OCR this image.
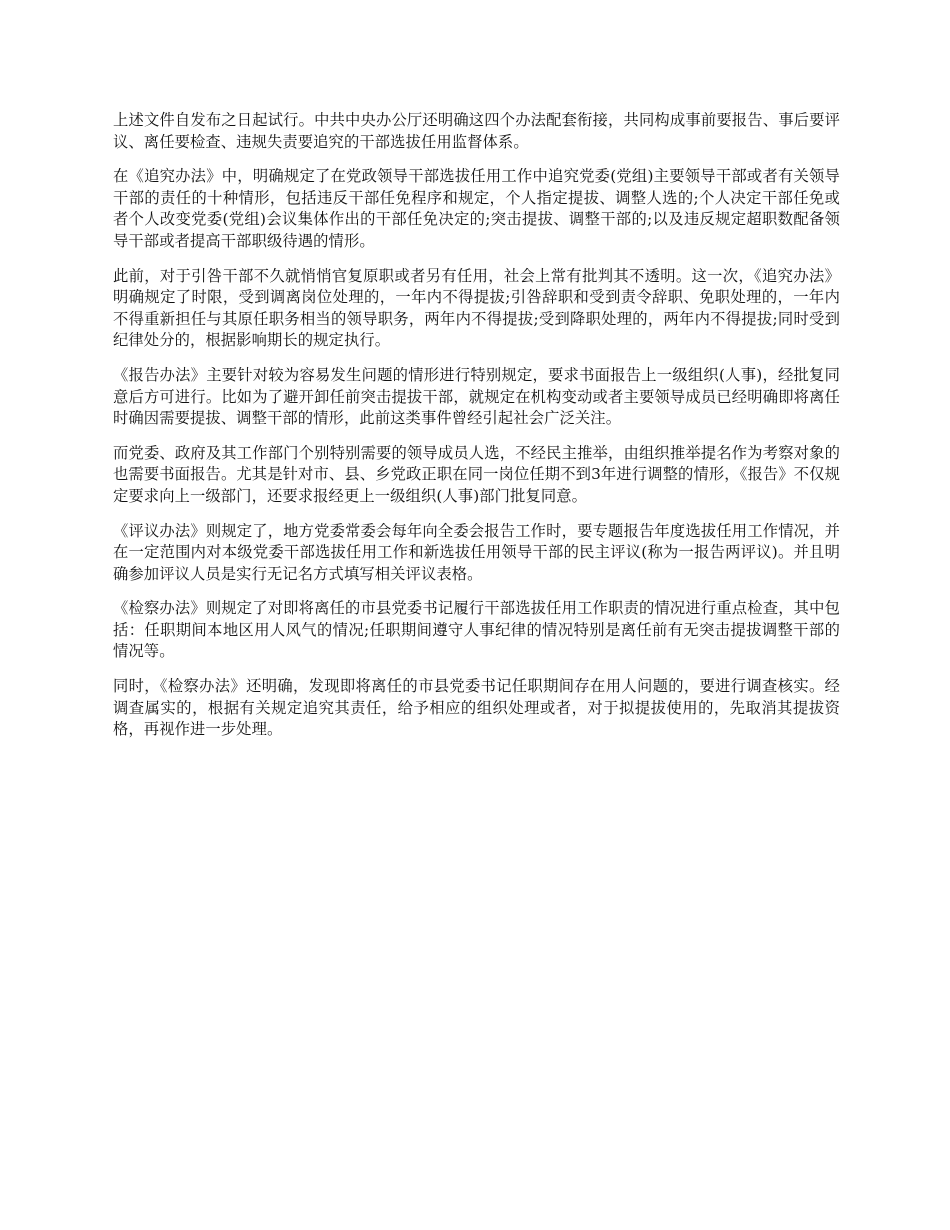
上述文件自发布之日起试行。中共中央办公厅还明确这四个办法配套衔接，共同构成事前要报告、事后要评议、离任要检查、违规失责要追究的干部选拔任用监督体系。

在《追究办法》中，明确规定了在党政领导干部选拔任用工作中追究党委(党组)主要领导干部或者有关领导干部的责任的十种情形，包括违反干部任免程序和规定，个人指定提拔、调整人选的;个人决定干部任免或者个人改变党委(党组)会议集体作出的干部任免决定的;突击提拔、调整干部的;以及违反规定超职数配备领导干部或者提高干部职级待遇的情形。

此前，对于引咎干部不久就悄悄官复原职或者另有任用，社会上常有批判其不透明。这一次，《追究办法》明确规定了时限，受到调离岗位处理的，一年内不得提拔;引咎辞职和受到责令辞职、免职处理的，一年内不得重新担任与其原任职务相当的领导职务，两年内不得提拔;受到降职处理的，两年内不得提拔;同时受到纪律处分的，根据影响期长的规定执行。

《报告办法》主要针对较为容易发生问题的情形进行特别规定，要求书面报告上一级组织(人事)，经批复同意后方可进行。比如为了避开卸任前突击提拔干部，就规定在机构变动或者主要领导成员已经明确即将离任时确因需要提拔、调整干部的情形，此前这类事件曾经引起社会广泛关注。

而党委、政府及其工作部门个别特别需要的领导成员人选，不经民主推举，由组织推举提名作为考察对象的也需要书面报告。尤其是针对市、县、乡党政正职在同一岗位任期不到3年进行调整的情形，《报告》不仅规定要求向上一级部门，还要求报经更上一级组织(人事)部门批复同意。

《评议办法》则规定了，地方党委常委会每年向全委会报告工作时，要专题报告年度选拔任用工作情况，并在一定范围内对本级党委干部选拔任用工作和新选拔任用领导干部的民主评议(称为一报告两评议)。并且明确参加评议人员是实行无记名方式填写相关评议表格。

《检察办法》则规定了对即将离任的市县党委书记履行干部选拔任用工作职责的情况进行重点检查，其中包括：任职期间本地区用人风气的情况;任职期间遵守人事纪律的情况特别是离任前有无突击提拔调整干部的情况等。

同时，《检察办法》还明确，发现即将离任的市县党委书记任职期间存在用人问题的，要进行调查核实。经调查属实的，根据有关规定追究其责任，给予相应的组织处理或者，对于拟提拔使用的，先取消其提拔资格，再视作进一步处理。
